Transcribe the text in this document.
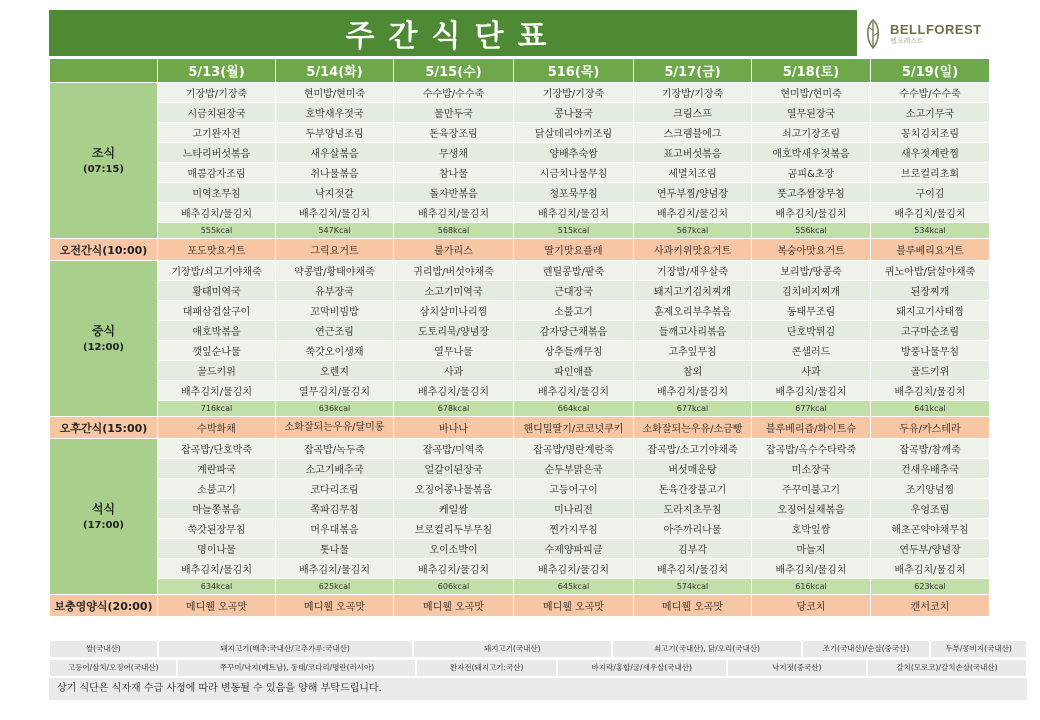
주간식단표	BELLFOREST
벨포레스트
	5/13(월)	5/14(화)	5/15(수)	516(목)	5/17(금)	5/18(토)	5/19(일)

조식
(07:15)	기장밥/기장죽	현미밥/현미죽	수수밥/수수죽	기장밥/기장죽	기장밥/기장죽	현미밥/현미죽	수수밥/수수죽
	시금치된장국	호박새우젓국	물만두국	콩나물국	크림스프	열무된장국	소고기무국
	고기완자전	두부양념조림	돈육장조림	닭살데리야끼조림	스크램블에그	쇠고기장조림	꽁치김치조림
	느타리버섯볶음	새우살볶음	무생채	양배추숙쌈	표고버섯볶음	애호박새우젓볶음	새우젓계란찜
	매콤감자조림	취나물볶음	참나물	시금치나물무침	세멸치조림	곰피&초장	브로컬리초회
	미역초무침	낙지젓갈	돌자반볶음	청포묵무침	연두부찜/양념장	풋고추쌈장무침	구이김
	배추김치/물김치	배추김치/물김치	배추김치/물김치	배추김치/물김치	배추김치/물김치	배추김치/물김치	배추김치/물김치
	555kcal	547Kcal	568kcal	515kcal	567kcal	556kcal	534kcal
오전간식(10:00)	포도맛요거트	그릭요거트	불가리스	딸기맛요플레	사과키위맛요거트	복숭아맛요거트	블루베리요거트

중식
(12:00)	기장밥/쇠고기야채죽	약콩밥/황태야채죽	귀리밥/버섯야채죽	렌틸콩밥/팥죽	기장밥/새우살죽	보리밥/땅콩죽	퀴노아밥/닭살야채죽
	황태미역국	유부장국	소고기미역국	근대장국	돼지고기김치찌개	김치비지찌개	된장찌개
	대패삼겹살구이	꼬막비빔밥	삼치살미나리찜	소불고기	훈제오리부추볶음	동태무조림	돼지고기사태찜
	애호박볶음	연근조림	도토리묵/양념장	감자당근채볶음	들깨고사리볶음	단호박튀김	고구마순조림
	깻잎순나물	쑥갓오이생채	열무나물	상추들깨무침	고추잎무침	콘샐러드	방풍나물무침
	골드키위	오렌지	사과	파인애플	참외	사과	골드키위
	배추김치/물김치	열무김치/물김치	배추김치/물김치	배추김치/물김치	배추김치/물김치	배추김치/물김치	배추김치/물김치
	716kcal	636kcal	678kcal	664kcal	677kcal	677kcal	641kcal
오후간식(15:00)	수박화채	소화잘되는우유/달미롱	바나나	핸디밀딸기/코코넛쿠키	소화잘되는우유/소금빵	블루베리즙/화이트슈	두유/카스테라

석식
(17:00)	잡곡밥/단호박죽	잡곡밥/녹두죽	잡곡밥/미역죽	잡곡밥/명란계란죽	잡곡밥/소고기야채죽	잡곡밥/옥수수타락죽	잡곡밥/참깨죽
	계란파국	소고기배추국	얼갈이된장국	순두부맑은국	버섯매운탕	미소장국	건새우배추국
	소불고기	코다리조림	오징어콩나물볶음	고등어구이	돈육간장불고기	주꾸미불고기	조기양념찜
	마늘쫑볶음	쪽파김무침	케일쌈	미나리전	도라지초무침	오징어실채볶음	우엉조림
	쑥갓된장무침	머우대볶음	브로컬리두부무침	찐가지무침	아주까리나물	호박잎쌈	해초곤약야채무침
	명이나물	톳나물	오이소박이	수제양파피클	김부각	마늘지	연두부/양념장
	배추김치/물김치	배추김치/물김치	배추김치/물김치	배추김치/물김치	배추김치/물김치	배추김치/물김치	배추김치/물김치
	634kcal	625kcal	606kcal	645kcal	574kcal	616kcal	623kcal
보충영양식(20:00)	메디웰 오곡맛	메디웰 오곡맛	메디웰 오곡맛	메디웰 오곡맛	메디웰 오곡맛	당코치	캔서코치
쌀(국내산)	돼지고기(배추:국내산/고추가루:국내산)	돼지고기(국내산)	쇠고기(국내산), 닭/오리(국내산)	조기(국내산)/순살(중국산)	두부/콩비지(국내산)
고등어/삼치/오징어(국내산)	쭈꾸미/낙지(베트남), 동태/코다리/명란(러시아)	완자전(돼지고기:국산)	바지락/홍합/굴/새우살(국내산)	낙지젓(중국산)	갈치(모로코)/갈치손살(국내산)
상기 식단은 식자재 수급 사정에 따라 변동될 수 있음을 양해 부탁드립니다.
